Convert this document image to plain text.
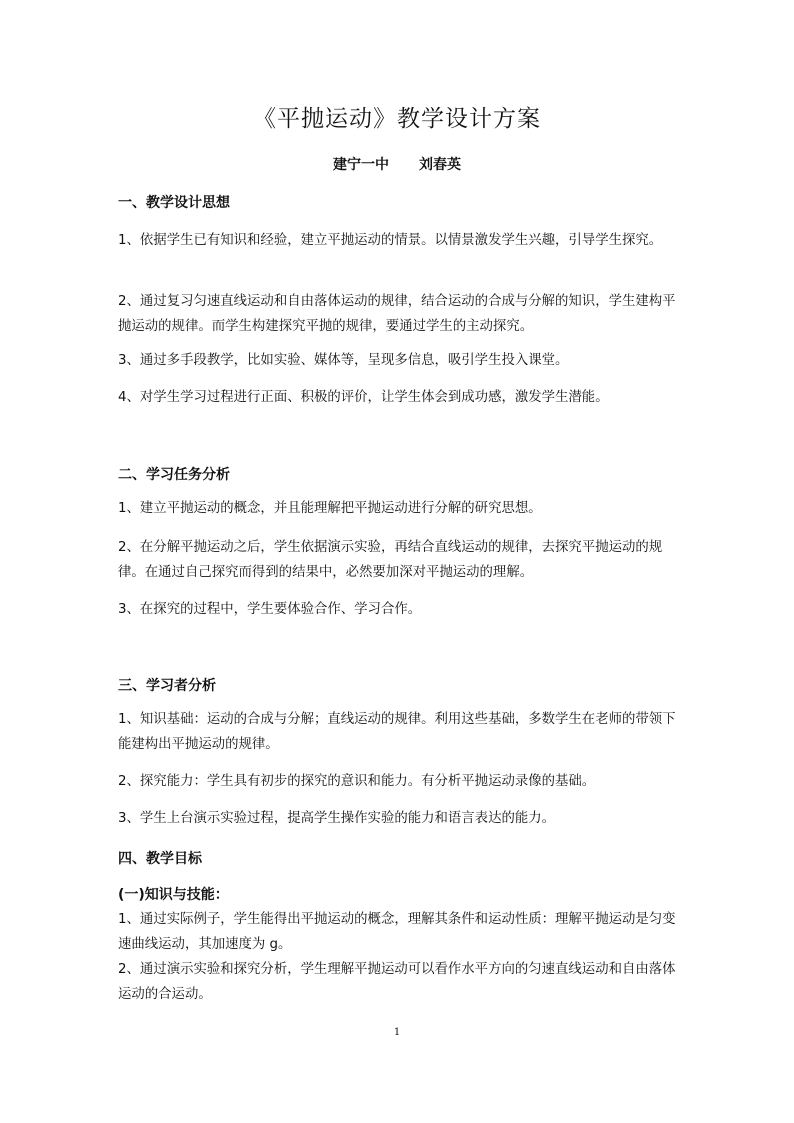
《平抛运动》教学设计方案
建宁一中 刘春英
一、教学设计思想
1、依据学生已有知识和经验，建立平抛运动的情景。以情景激发学生兴趣，引导学生探究。
2、通过复习匀速直线运动和自由落体运动的规律，结合运动的合成与分解的知识，学生建构平抛运动的规律。而学生构建探究平抛的规律，要通过学生的主动探究。
3、通过多手段教学，比如实验、媒体等，呈现多信息，吸引学生投入课堂。
4、对学生学习过程进行正面、积极的评价，让学生体会到成功感，激发学生潜能。
二、学习任务分析
1、建立平抛运动的概念，并且能理解把平抛运动进行分解的研究思想。
2、在分解平抛运动之后，学生依据演示实验，再结合直线运动的规律，去探究平抛运动的规律。在通过自己探究而得到的结果中，必然要加深对平抛运动的理解。
3、在探究的过程中，学生要体验合作、学习合作。
三、学习者分析
1、知识基础：运动的合成与分解；直线运动的规律。利用这些基础，多数学生在老师的带领下能建构出平抛运动的规律。
2、探究能力：学生具有初步的探究的意识和能力。有分析平抛运动录像的基础。
3、学生上台演示实验过程，提高学生操作实验的能力和语言表达的能力。
四、教学目标
(一)知识与技能：
1、通过实际例子，学生能得出平抛运动的概念，理解其条件和运动性质：理解平抛运动是匀变速曲线运动，其加速度为 g。
2、通过演示实验和探究分析，学生理解平抛运动可以看作水平方向的匀速直线运动和自由落体运动的合运动。
1
